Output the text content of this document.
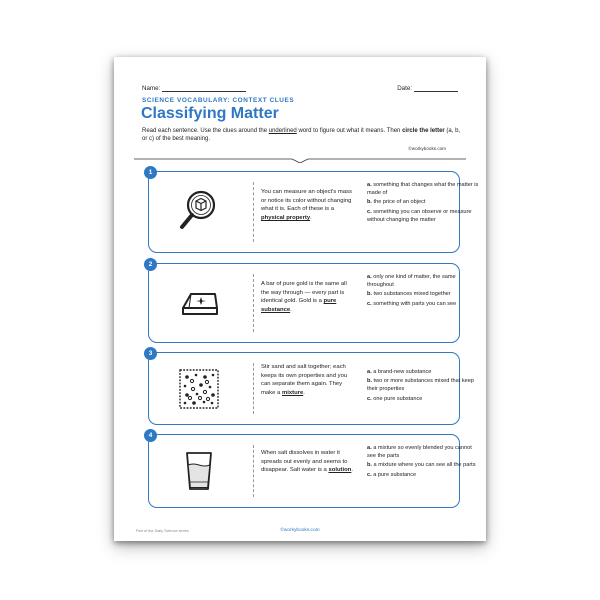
Name:	Date:
SCIENCE VOCABULARY: CONTEXT CLUES
Classifying Matter
Read each sentence. Use the clues around the underlined word to figure out what it means. Then circle the letter (a, b, or c) of the best meaning.
©workybooks.com
1
You can measure an object's mass or notice its color without changing what it is. Each of these is a physical property.
a. something that changes what the matter is made of
b. the price of an object
c. something you can observe or measure without changing the matter
2
A bar of pure gold is the same all the way through — every part is identical gold. Gold is a pure substance.
a. only one kind of matter, the same throughout
b. two substances mixed together
c. something with parts you can see
3
Stir sand and salt together; each keeps its own properties and you can separate them again. They make a mixture.
a. a brand-new substance
b. two or more substances mixed that keep their properties
c. one pure substance
4
When salt dissolves in water it spreads out evenly and seems to disappear. Salt water is a solution.
a. a mixture so evenly blended you cannot see the parts
b. a mixture where you can see all the parts
c. a pure substance
Part of the Daily Science series	©workybooks.com
